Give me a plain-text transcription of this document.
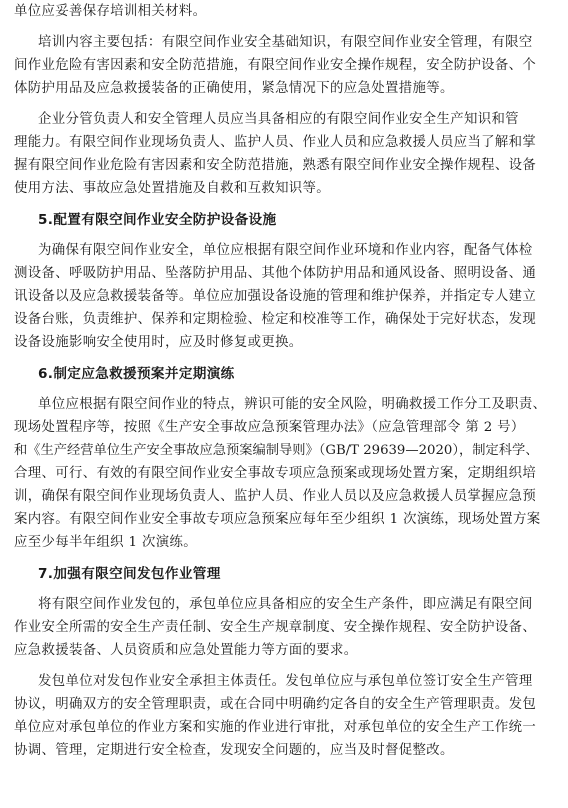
单位应妥善保存培训相关材料。
培训内容主要包括：有限空间作业安全基础知识，有限空间作业安全管理，有限空
间作业危险有害因素和安全防范措施，有限空间作业安全操作规程，安全防护设备、个
体防护用品及应急救援装备的正确使用，紧急情况下的应急处置措施等。
企业分管负责人和安全管理人员应当具备相应的有限空间作业安全生产知识和管
理能力。有限空间作业现场负责人、监护人员、作业人员和应急救援人员应当了解和掌
握有限空间作业危险有害因素和安全防范措施，熟悉有限空间作业安全操作规程、设备
使用方法、事故应急处置措施及自救和互救知识等。
5.配置有限空间作业安全防护设备设施
为确保有限空间作业安全，单位应根据有限空间作业环境和作业内容，配备气体检
测设备、呼吸防护用品、坠落防护用品、其他个体防护用品和通风设备、照明设备、通
讯设备以及应急救援装备等。单位应加强设备设施的管理和维护保养，并指定专人建立
设备台账，负责维护、保养和定期检验、检定和校准等工作，确保处于完好状态，发现
设备设施影响安全使用时，应及时修复或更换。
6.制定应急救援预案并定期演练
单位应根据有限空间作业的特点，辨识可能的安全风险，明确救援工作分工及职责、
现场处置程序等，按照《生产安全事故应急预案管理办法》（应急管理部令 第 2 号）
和《生产经营单位生产安全事故应急预案编制导则》（GB/T 29639—2020），制定科学、
合理、可行、有效的有限空间作业安全事故专项应急预案或现场处置方案，定期组织培
训，确保有限空间作业现场负责人、监护人员、作业人员以及应急救援人员掌握应急预
案内容。有限空间作业安全事故专项应急预案应每年至少组织 1 次演练，现场处置方案
应至少每半年组织 1 次演练。
7.加强有限空间发包作业管理
将有限空间作业发包的，承包单位应具备相应的安全生产条件，即应满足有限空间
作业安全所需的安全生产责任制、安全生产规章制度、安全操作规程、安全防护设备、
应急救援装备、人员资质和应急处置能力等方面的要求。
发包单位对发包作业安全承担主体责任。发包单位应与承包单位签订安全生产管理
协议，明确双方的安全管理职责，或在合同中明确约定各自的安全生产管理职责。发包
单位应对承包单位的作业方案和实施的作业进行审批，对承包单位的安全生产工作统一
协调、管理，定期进行安全检查，发现安全问题的，应当及时督促整改。
